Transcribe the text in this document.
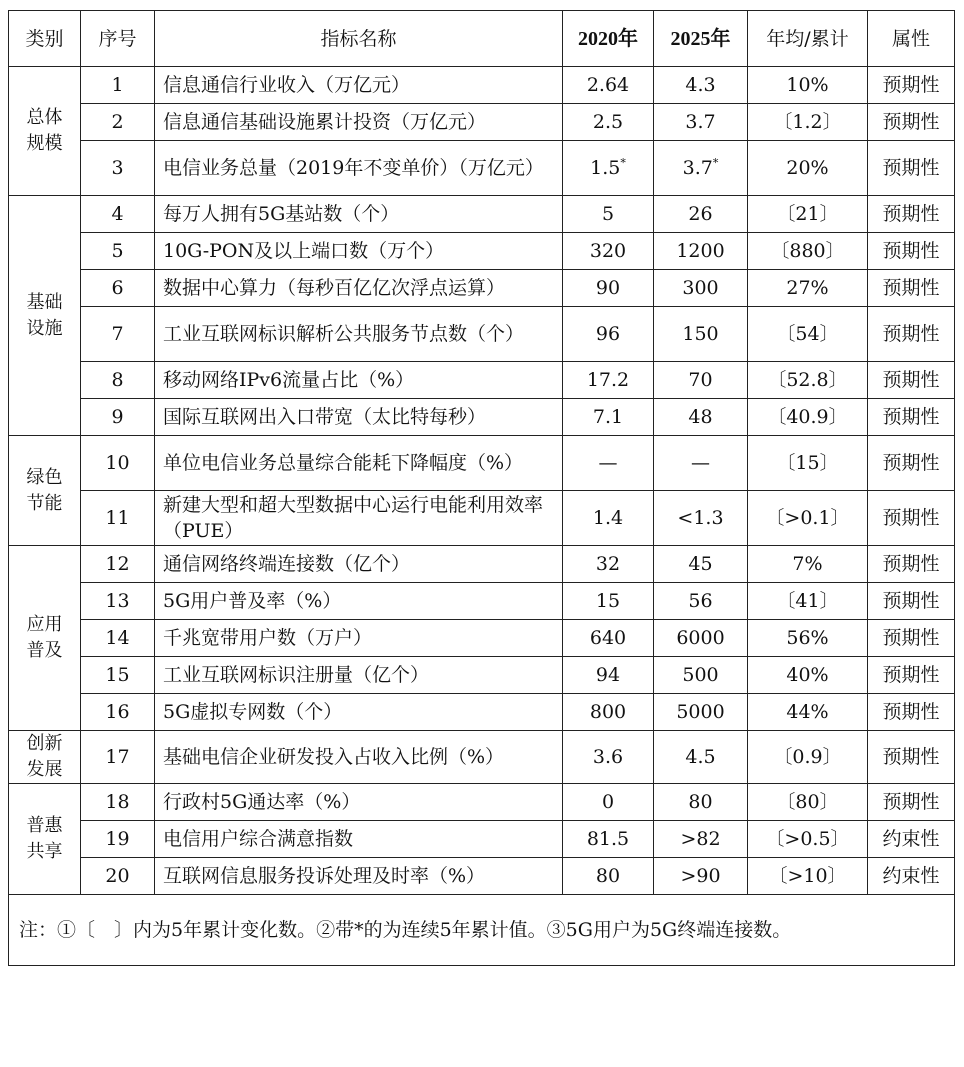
类别	序号	指标名称	2020年	2025年	年均/累计	属性

总体
规模	1	信息通信行业收入（万亿元）	2.64	4.3	10%	预期性
	2	信息通信基础设施累计投资（万亿元）	2.5	3.7	〔1.2〕	预期性
	3	电信业务总量（2019年不变单价）（万亿元）	1.5*	3.7*	20%	预期性

基础
设施	4	每万人拥有5G基站数（个）	5	26	〔21〕	预期性
	5	10G-PON及以上端口数（万个）	320	1200	〔880〕	预期性
	6	数据中心算力（每秒百亿亿次浮点运算）	90	300	27%	预期性
	7	工业互联网标识解析公共服务节点数（个）	96	150	〔54〕	预期性
	8	移动网络IPv6流量占比（%）	17.2	70	〔52.8〕	预期性
	9	国际互联网出入口带宽（太比特每秒）	7.1	48	〔40.9〕	预期性

绿色
节能	10	单位电信业务总量综合能耗下降幅度（%）	—	—	〔15〕	预期性
	11	新建大型和超大型数据中心运行电能利用效率（PUE）	1.4	<1.3	〔>0.1〕	预期性

应用
普及	12	通信网络终端连接数（亿个）	32	45	7%	预期性
	13	5G用户普及率（%）	15	56	〔41〕	预期性
	14	千兆宽带用户数（万户）	640	6000	56%	预期性
	15	工业互联网标识注册量（亿个）	94	500	40%	预期性
	16	5G虚拟专网数（个）	800	5000	44%	预期性

创新
发展	17	基础电信企业研发投入占收入比例（%）	3.6	4.5	〔0.9〕	预期性

普惠
共享	18	行政村5G通达率（%）	0	80	〔80〕	预期性
	19	电信用户综合满意指数	81.5	>82	〔>0.5〕	约束性
	20	互联网信息服务投诉处理及时率（%）	80	>90	〔>10〕	约束性
注：①〔　〕内为5年累计变化数。②带*的为连续5年累计值。③5G用户为5G终端连接数。						
